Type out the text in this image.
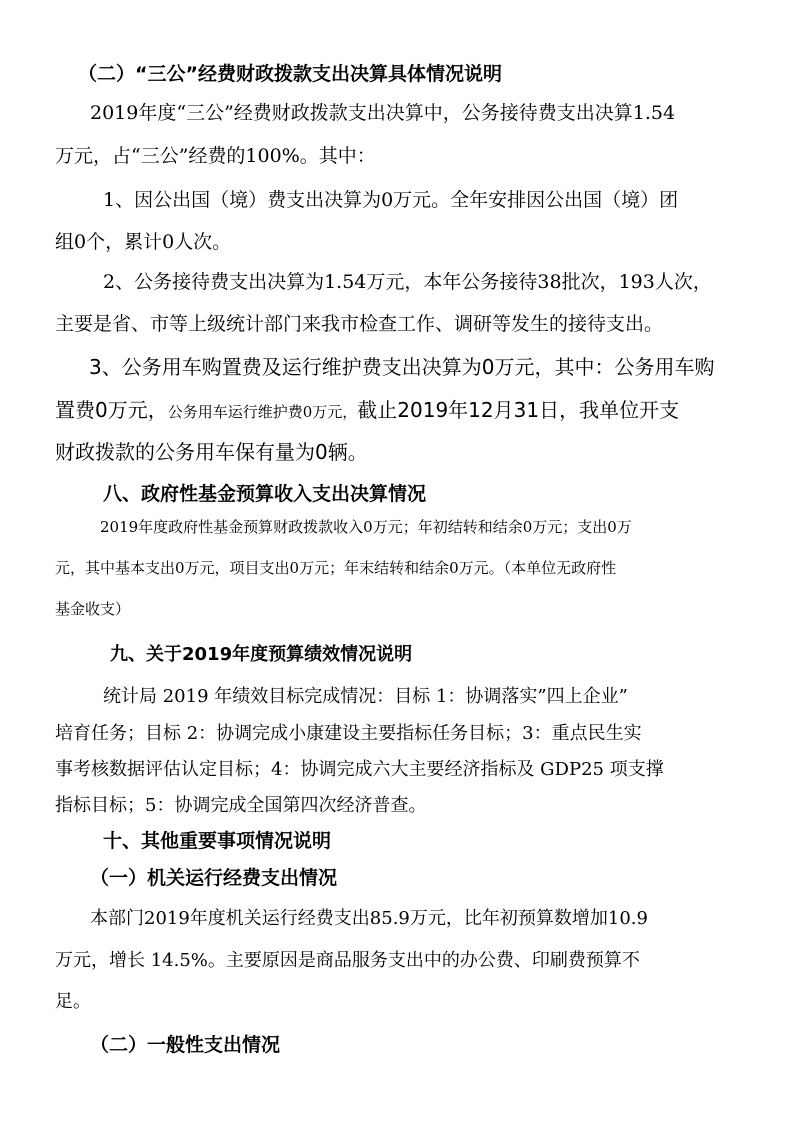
（二）“三公”经费财政拨款支出决算具体情况说明
2019年度“三公”经费财政拨款支出决算中，公务接待费支出决算1.54
万元，占“三公”经费的100%。其中：
1、因公出国（境）费支出决算为0万元。全年安排因公出国（境）团
组0个，累计0人次。
2、公务接待费支出决算为1.54万元，本年公务接待38批次，193人次，
主要是省、市等上级统计部门来我市检查工作、调研等发生的接待支出。
3、公务用车购置费及运行维护费支出决算为0万元，其中：公务用车购
置费0万元，公务用车运行维护费0万元，截止2019年12月31日，我单位开支
财政拨款的公务用车保有量为0辆。
八、政府性基金预算收入支出决算情况
2019年度政府性基金预算财政拨款收入0万元；年初结转和结余0万元；支出0万
元，其中基本支出0万元，项目支出0万元；年末结转和结余0万元。（本单位无政府性
基金收支）
九、关于2019年度预算绩效情况说明
统计局 2019 年绩效目标完成情况：目标 1：协调落实”四上企业”
培育任务；目标 2：协调完成小康建设主要指标任务目标；3：重点民生实
事考核数据评估认定目标；4：协调完成六大主要经济指标及 GDP25 项支撑
指标目标；5：协调完成全国第四次经济普查。
十、其他重要事项情况说明
（一）机关运行经费支出情况
本部门2019年度机关运行经费支出85.9万元，比年初预算数增加10.9
万元，增长 14.5%。主要原因是商品服务支出中的办公费、印刷费预算不
足。
（二）一般性支出情况
